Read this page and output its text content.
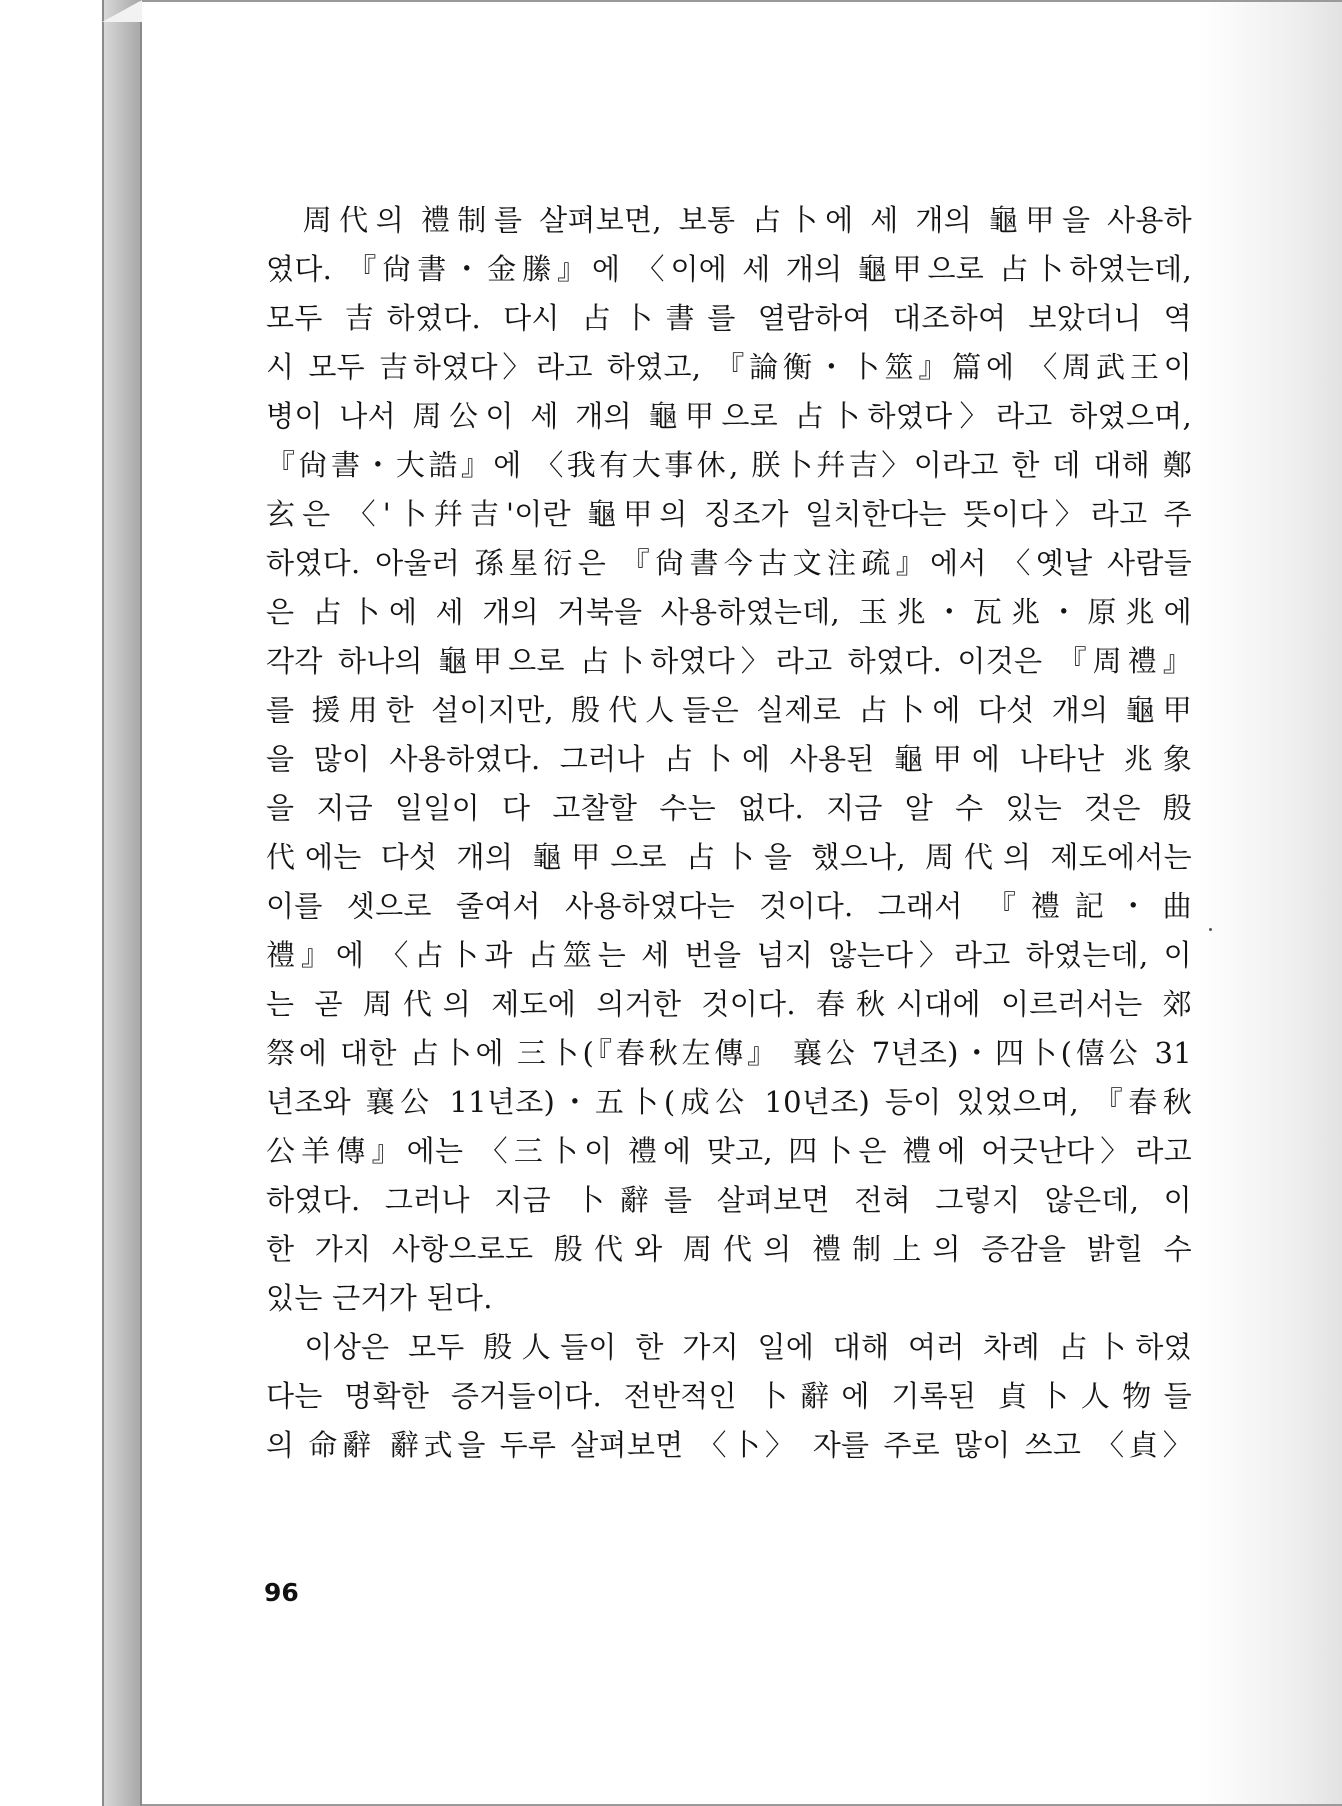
　周代의 禮制를 살펴보면, 보통 占卜에 세 개의 龜甲을 사용하
였다. 『尙書・金縢』에 〈이에 세 개의 龜甲으로 占卜하였는데,
모두 吉하였다. 다시 占卜書를 열람하여 대조하여 보았더니 역
시 모두 吉하였다〉라고 하였고, 『論衡・卜筮』篇에 〈周武王이
병이 나서 周公이 세 개의 龜甲으로 占卜하였다〉라고 하였으며,
『尙書・大誥』에 〈我有大事休, 朕卜幷吉〉이라고 한 데 대해 鄭
玄은 〈'卜幷吉'이란 龜甲의 징조가 일치한다는 뜻이다〉라고 주
하였다. 아울러 孫星衍은 『尙書今古文注疏』에서 〈옛날 사람들
은 占卜에 세 개의 거북을 사용하였는데, 玉兆・瓦兆・原兆에
각각 하나의 龜甲으로 占卜하였다〉라고 하였다. 이것은 『周禮』
를 援用한 설이지만, 殷代人들은 실제로 占卜에 다섯 개의 龜甲
을 많이 사용하였다. 그러나 占卜에 사용된 龜甲에 나타난 兆象
을 지금 일일이 다 고찰할 수는 없다. 지금 알 수 있는 것은 殷
代에는 다섯 개의 龜甲으로 占卜을 했으나, 周代의 제도에서는
이를 셋으로 줄여서 사용하였다는 것이다. 그래서 『禮記・曲
禮』에 〈占卜과 占筮는 세 번을 넘지 않는다〉라고 하였는데, 이
는 곧 周代의 제도에 의거한 것이다. 春秋시대에 이르러서는 郊
祭에 대한 占卜에 三卜(『春秋左傳』 襄公 7년조)・四卜(僖公 31
년조와 襄公 11년조)・五卜(成公 10년조) 등이 있었으며, 『春秋
公羊傳』에는 〈三卜이 禮에 맞고, 四卜은 禮에 어긋난다〉라고
하였다. 그러나 지금 卜辭를 살펴보면 전혀 그렇지 않은데, 이
한 가지 사항으로도 殷代와 周代의 禮制上의 증감을 밝힐 수
있는 근거가 된다.
　이상은 모두 殷人들이 한 가지 일에 대해 여러 차례 占卜하였
다는 명확한 증거들이다. 전반적인 卜辭에 기록된 貞卜人物들
의 命辭 辭式을 두루 살펴보면 〈卜〉 자를 주로 많이 쓰고 〈貞〉
96
